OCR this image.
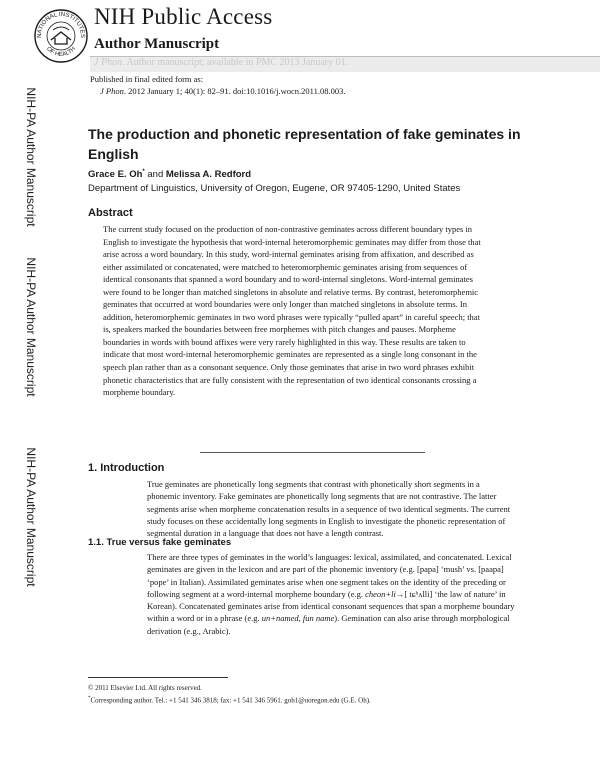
NATIONAL INSTITUTES
OF HEALTH
NIH Public Access
Author Manuscript
J Phon. Author manuscript; available in PMC 2013 January 01.
Published in final edited form as:
J Phon. 2012 January 1; 40(1): 82–91. doi:10.1016/j.wocn.2011.08.003.
NIH-PA Author Manuscript
NIH-PA Author Manuscript
NIH-PA Author Manuscript
The production and phonetic representation of fake geminates in English
Grace E. Oh* and Melissa A. Redford
Department of Linguistics, University of Oregon, Eugene, OR 97405-1290, United States
Abstract
The current study focused on the production of non-contrastive geminates across different boundary types in English to investigate the hypothesis that word-internal heteromorphemic geminates may differ from those that arise across a word boundary. In this study, word-internal geminates arising from affixation, and described as either assimilated or concatenated, were matched to heteromorphemic geminates arising from sequences of identical consonants that spanned a word boundary and to word-internal singletons. Word-internal geminates were found to be longer than matched singletons in absolute and relative terms. By contrast, heteromorphemic geminates that occurred at word boundaries were only longer than matched singletons in absolute terms. In addition, heteromorphemic geminates in two word phrases were typically “pulled apart” in careful speech; that is, speakers marked the boundaries between free morphemes with pitch changes and pauses. Morpheme boundaries in words with bound affixes were very rarely highlighted in this way. These results are taken to indicate that most word-internal heteromorphemic geminates are represented as a single long consonant in the speech plan rather than as a consonant sequence. Only those geminates that arise in two word phrases exhibit phonetic characteristics that are fully consistent with the representation of two identical consonants crossing a morpheme boundary.
1. Introduction
True geminates are phonetically long segments that contrast with phonetically short segments in a phonemic inventory. Fake geminates are phonetically long segments that are not contrastive. The latter segments arise when morpheme concatenation results in a sequence of two identical segments. The current study focuses on these accidentally long segments in English to investigate the phonetic representation of segmental duration in a language that does not have a length contrast.
1.1. True versus fake geminates
There are three types of geminates in the world’s languages: lexical, assimilated, and concatenated. Lexical geminates are given in the lexicon and are part of the phonemic inventory (e.g. [papa] ‘mush’ vs. [paapa] ‘pope’ in Italian). Assimilated geminates arise when one segment takes on the identity of the preceding or following segment at a word-internal morpheme boundary (e.g. cheon+li→[ tɕʰʌlli] ‘the law of nature’ in Korean). Concatenated geminates arise from identical consonant sequences that span a morpheme boundary within a word or in a phrase (e.g. un+named, fun name). Gemination can also arise through morphological derivation (e.g., Arabic).
© 2011 Elsevier Ltd. All rights reserved.
*Corresponding author. Tel.: +1 541 346 3818; fax: +1 541 346 5961. goh1@uoregon.edu (G.E. Oh).
